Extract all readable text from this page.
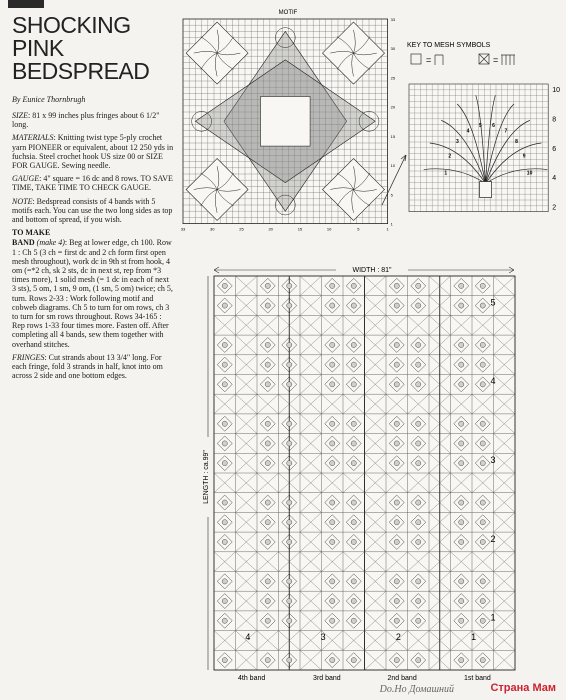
SHOCKING
PINK
BEDSPREAD
By Eunice Thornbrugh

SIZE: 81 x 99 inches plus fringes about 6 1/2" long.

MATERIALS: Knitting twist type 5-ply crochet yarn PIONEER or equivalent, about 12 250 yds in fuchsia. Steel crochet hook US size 00 or SIZE FOR GAUGE. Sewing needle.

GAUGE: 4" square = 16 dc and 8 rows. TO SAVE TIME, TAKE TIME TO CHECK GAUGE.

NOTE: Bedspread consists of 4 bands with 5 motifs each. You can use the two long sides as top and bottom of spread, if you wish.

TO MAKE

BAND (make 4): Beg at lower edge, ch 100. Row 1 : Ch 5 (3 ch = first dc and 2 ch form first open mesh throughout), work dc in 9th st from hook, 4 om (=*2 ch, sk 2 sts, dc in next st, rep from *3 times more), 1 solid mesh (= 1 dc in each of next 3 sts), 5 om, 1 sm, 9 om, (1 sm, 5 om) twice; ch 5, turn. Rows 2-33 : Work following motif and cobweb diagrams. Ch 5 to turn for om rows, ch 3 to turn for sm rows throughout. Rows 34-165 : Rep rows 1-33 four times more. Fasten off. After completing all 4 bands, sew them together with overhand stitches.

FRINGES: Cut strands about 13 3/4" long. For each fringe, fold 3 strands in half, knot into om across 2 side and one bottom edges.

MOTIF
33
30
25
20
15
10
5
1
33	30	25	20	15	10	5	1
KEY TO MESH SYMBOLS
=	=
10
8
6
4
2
1
2
3
4
5 6
7
8
9
10
WIDTH : 81"
LENGTH : ca.99"
5
4
3
2
1
4	3	2	1
4th band	3rd band	2nd band	1st band
Do.Ho Домашний	Страна Мам
